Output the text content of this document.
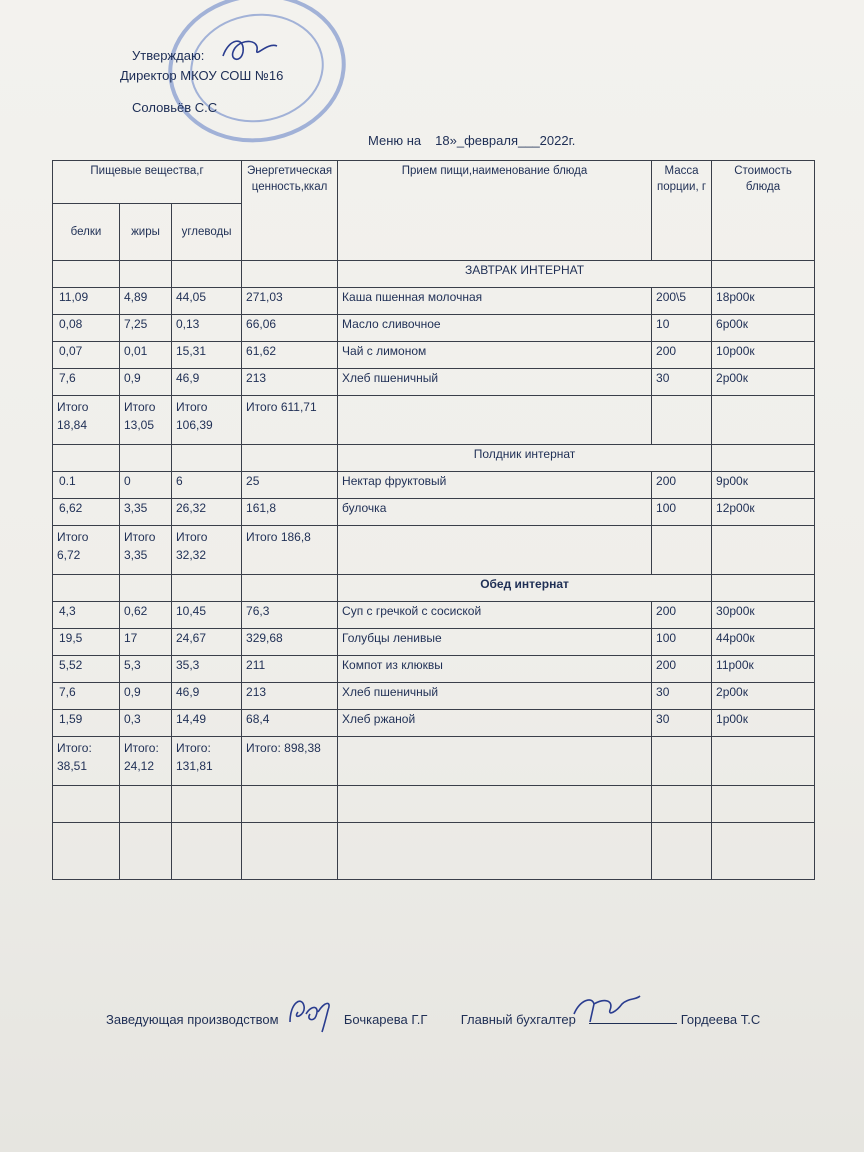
Утверждаю:
Директор МКОУ СОШ №16
Соловьёв С.С
Меню на 18»_февраля___2022г.
Пищевые вещества,г			Энергетическая ценность,ккал	Прием пищи,наименование блюда	Масса порции, г	Стоимость блюда
белки	жиры	углеводы				
				ЗАВТРАК ИНТЕРНАТ		
11,09	4,89	44,05	271,03	Каша пшенная молочная	200\5	18р00к
0,08	7,25	0,13	66,06	Масло сливочное	10	6р00к
0,07	0,01	15,31	61,62	Чай с лимоном	200	10р00к
7,6	0,9	46,9	213	Хлеб пшеничный	30	2р00к
Итого 18,84	Итого 13,05	Итого 106,39	Итого 611,71			
				Полдник интернат		
0.1	0	6	25	Нектар фруктовый	200	9р00к
6,62	3,35	26,32	161,8	булочка	100	12р00к
Итого 6,72	Итого 3,35	Итого 32,32	Итого 186,8			
				Обед интернат		
4,3	0,62	10,45	76,3	Суп с гречкой с сосиской	200	30р00к
19,5	17	24,67	329,68	Голубцы ленивые	100	44р00к
5,52	5,3	35,3	211	Компот из клюквы	200	11р00к
7,6	0,9	46,9	213	Хлеб пшеничный	30	2р00к
1,59	0,3	14,49	68,4	Хлеб ржаной	30	1р00к
Итого: 38,51	Итого: 24,12	Итого: 131,81	Итого: 898,38			

Заведующая производством	Бочкарева Г.Г	Главный бухгалтер	Гордеева Т.С
